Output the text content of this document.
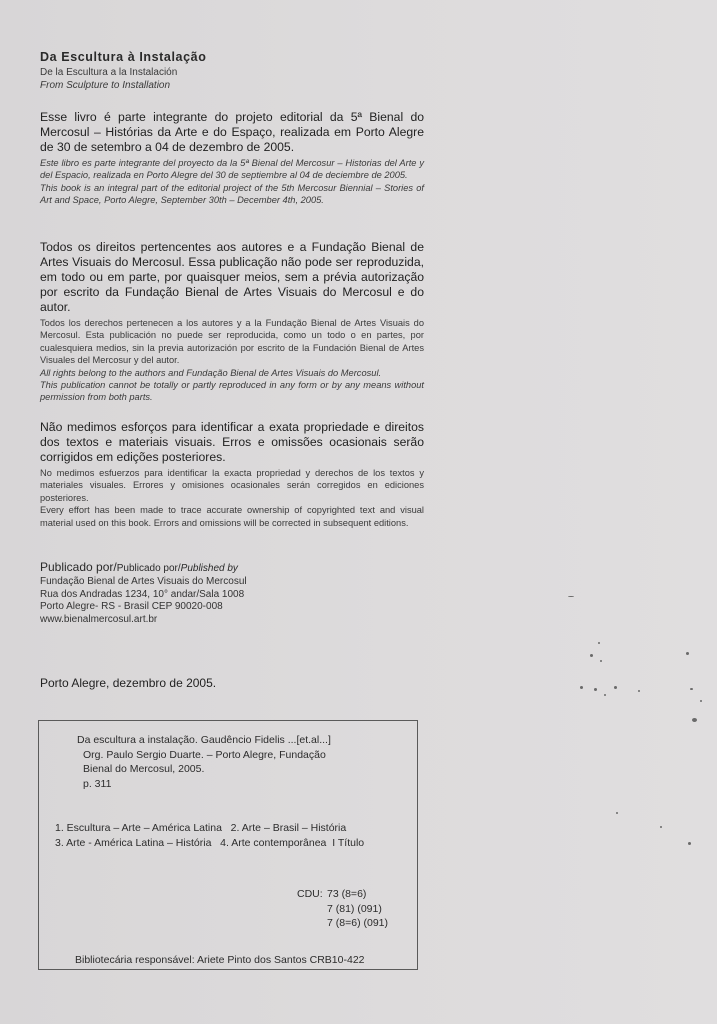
Da Escultura à Instalação

De la Escultura a la Instalación

From Sculpture to Installation

Esse livro é parte integrante do projeto editorial da 5ª Bienal do Mercosul – Histórias da Arte e do Espaço, realizada em Porto Alegre de 30 de setembro a 04 de dezembro de 2005.

Este libro es parte integrante del proyecto da la 5ª Bienal del Mercosur – Historias del Arte y del Espacio, realizada en Porto Alegre del 30 de septiembre al 04 de deciembre de 2005.

This book is an integral part of the editorial project of the 5th Mercosur Biennial – Stories of Art and Space, Porto Alegre, September 30th – December 4th, 2005.

Todos os direitos pertencentes aos autores e a Fundação Bienal de Artes Visuais do Mercosul. Essa publicação não pode ser reproduzida, em todo ou em parte, por quaisquer meios, sem a prévia autorização por escrito da Fundação Bienal de Artes Visuais do Mercosul e do autor.

Todos los derechos pertenecen a los autores y a la Fundação Bienal de Artes Visuais do Mercosul. Esta publicación no puede ser reproducida, como un todo o en partes, por cualesquiera medios, sin la previa autorización por escrito de la Fundación Bienal de Artes Visuales del Mercosur y del autor.

All rights belong to the authors and Fundação Bienal de Artes Visuais do Mercosul.

This publication cannot be totally or partly reproduced in any form or by any means without permission from both parts.

Não medimos esforços para identificar a exata propriedade e direitos dos textos e materiais visuais. Erros e omissões ocasionais serão corrigidos em edições posteriores.

No medimos esfuerzos para identificar la exacta propriedad y derechos de los textos y materiales visuales. Errores y omisiones ocasionales serán corregidos en ediciones posteriores.

Every effort has been made to trace accurate ownership of copyrighted text and visual material used on this book. Errors and omissions will be corrected in subsequent editions.

Publicado por/Publicado por/Published by

Fundação Bienal de Artes Visuais do Mercosul

Rua dos Andradas 1234, 10° andar/Sala 1008

Porto Alegre- RS - Brasil CEP 90020-008

www.bienalmercosul.art.br

Porto Alegre, dezembro de 2005.

Da escultura a instalação. Gaudêncio Fidelis ...[et.al...]

Org. Paulo Sergio Duarte. – Porto Alegre, Fundação

Bienal do Mercosul, 2005.

p. 311

1. Escultura – Arte – América Latina   2. Arte – Brasil – História

3. Arte - América Latina – História   4. Arte contemporânea  I Título

CDU: 73 (8=6)
7 (81) (091)
7 (8=6) (091)

Bibliotecária responsável: Ariete Pinto dos Santos CRB10-422
